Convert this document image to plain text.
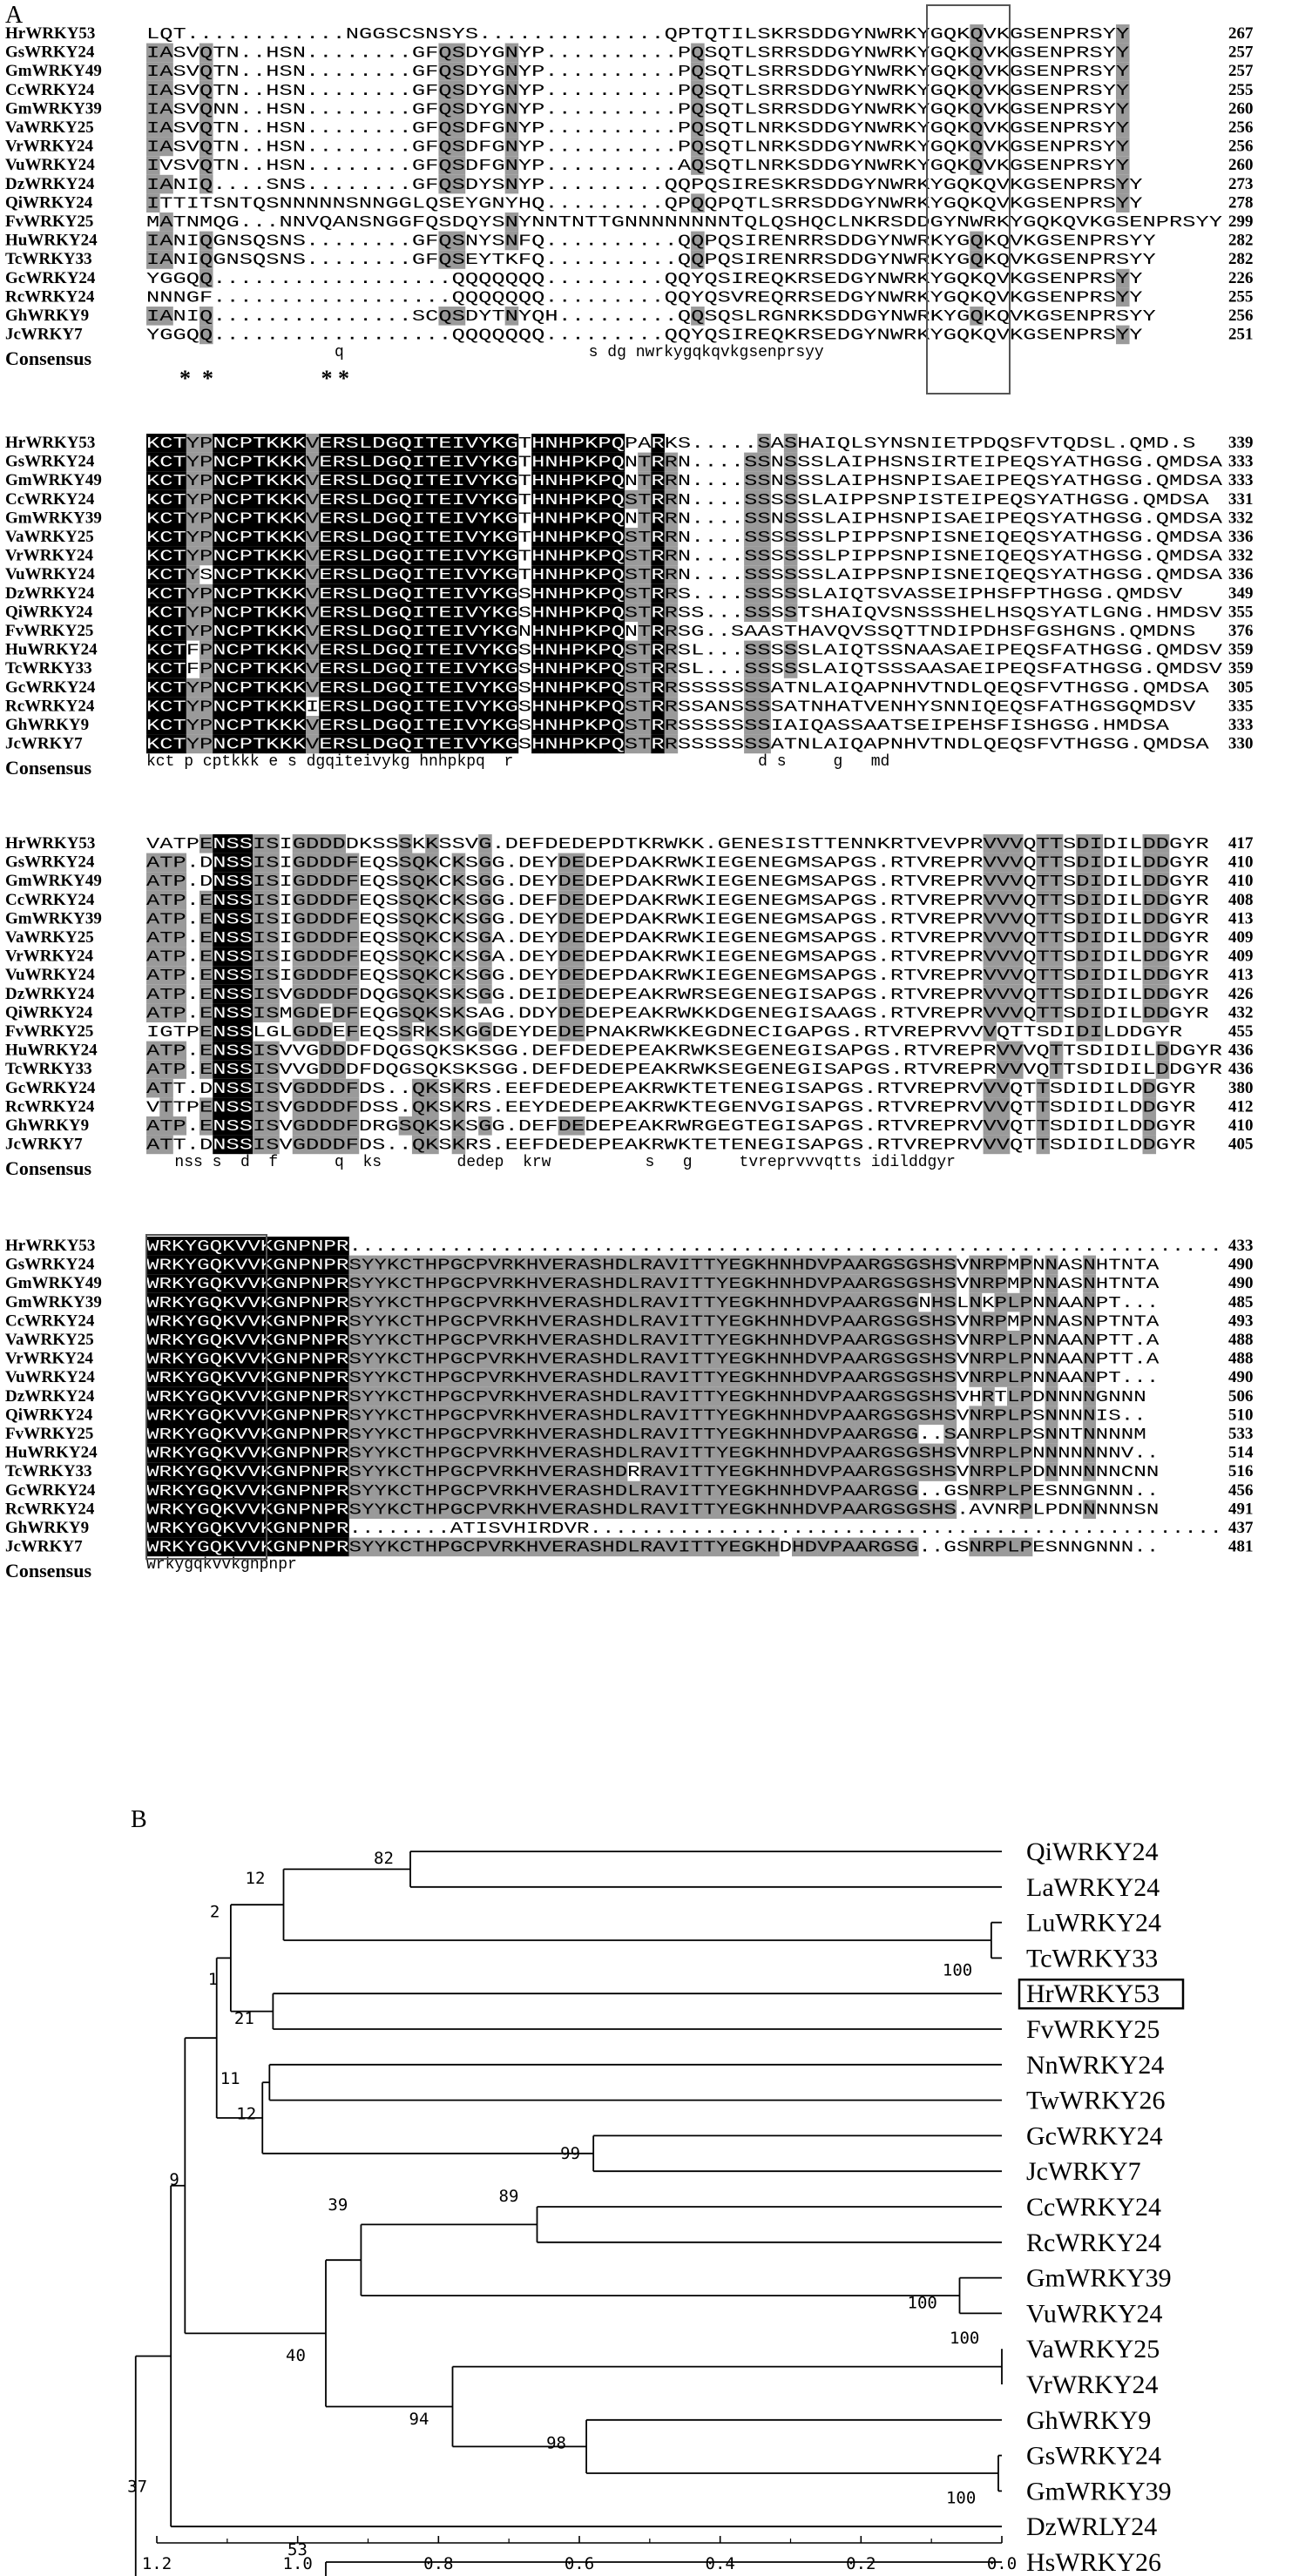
A
HrWRKY53	L Q T . . . . . . . . . . . . N G G S C S N S Y S . . . . . . . . . . . . . . Q P T Q T I L S K R S D D G Y N W R K Y G Q K Q V K G S E N P R S Y Y	267
GsWRKY24	I A S V Q T N . . H S N . . . . . . . . G F Q S D Y G N Y P . . . . . . . . . . P Q S Q T L S R R S D D G Y N W R K Y G Q K Q V K G S E N P R S Y Y	257
GmWRKY49	I A S V Q T N . . H S N . . . . . . . . G F Q S D Y G N Y P . . . . . . . . . . P Q S Q T L S R R S D D G Y N W R K Y G Q K Q V K G S E N P R S Y Y	257
CcWRKY24	I A S V Q T N . . H S N . . . . . . . . G F Q S D Y G N Y P . . . . . . . . . . P Q S Q T L S R R S D D G Y N W R K Y G Q K Q V K G S E N P R S Y Y	255
GmWRKY39	I A S V Q N N . . H S N . . . . . . . . G F Q S D Y G N Y P . . . . . . . . . . P Q S Q T L S R R S D D G Y N W R K Y G Q K Q V K G S E N P R S Y Y	260
VaWRKY25	I A S V Q T N . . H S N . . . . . . . . G F Q S D F G N Y P . . . . . . . . . . P Q S Q T L N R K S D D G Y N W R K Y G Q K Q V K G S E N P R S Y Y	256
VrWRKY24	I A S V Q T N . . H S N . . . . . . . . G F Q S D F G N Y P . . . . . . . . . . P Q S Q T L N R K S D D G Y N W R K Y G Q K Q V K G S E N P R S Y Y	256
VuWRKY24	I V S V Q T N . . H S N . . . . . . . . G F Q S D F G N Y P . . . . . . . . . . A Q S Q T L N R K S D D G Y N W R K Y G Q K Q V K G S E N P R S Y Y	260
DzWRKY24	I A N I Q . . . . S N S . . . . . . . . G F Q S D Y S N Y P . . . . . . . . . Q Q P Q S I R E S K R S D D G Y N W R K Y G Q K Q V K G S E N P R S Y Y	273
QiWRKY24	I T T I T S N T Q S N N N N N S N N G G L Q S E Y G N Y H Q . . . . . . . . . Q P Q Q P Q T L S R R S D D G Y N W R K Y G Q K Q V K G S E N P R S Y Y	278
FvWRKY25	M A T N M Q G . . . N N V Q A N S N G G F Q S D Q Y S N Y N N T N T T G N N N N N N N N T Q L Q S H Q C L N K R S D D G Y N W R K Y G Q K Q V K G S E N P R S Y Y 299
HuWRKY24	I A N I Q G N S Q S N S . . . . . . . . G F Q S N Y S N F Q . . . . . . . . . . Q Q P Q S I R E N R R S D D G Y N W R K Y G Q K Q V K G S E N P R S Y Y	282
TcWRKY33	I A N I Q G N S Q S N S . . . . . . . . G F Q S E Y T K F Q . . . . . . . . . . Q Q P Q S I R E N R R S D D G Y N W R K Y G Q K Q V K G S E N P R S Y Y	282
GcWRKY24	Y G G Q Q . . . . . . . . . . . . . . . . . . Q Q Q Q Q Q Q . . . . . . . . . Q Q Y Q S I R E Q K R S E D G Y N W R K Y G Q K Q V K G S E N P R S Y Y	226
RcWRKY24	N N N G F . . . . . . . . . . . . . . . . . . Q Q Q Q Q Q Q . . . . . . . . . Q Q Y Q S V R E Q R R S E D G Y N W R K Y G Q K Q V K G S E N P R S Y Y	255
GhWRKY9	I A N I Q . . . . . . . . . . . . . . . S C Q S D Y T N Y Q H . . . . . . . . . Q Q S Q S L R G N R K S D D G Y N W R K Y G Q K Q V K G S E N P R S Y Y	256
JcWRKY7	Y G G Q Q . . . . . . . . . . . . . . . . . . Q Q Q Q Q Q Q . . . . . . . . . Q Q Y Q S I R E Q K R S E D G Y N W R K Y G Q K Q V K G S E N P R S Y Y	251
Consensus	q                          s dg nwrkygqkqvkgsenprsyy
*  *                   * *
HrWRKY53	K C T Y P N C P T K K K V E R S L D G Q I T E I V Y K G T H N H P K P Q P A R K S . . . . . S A S H A I Q L S Y N S N I E T P D Q S F V T Q D S L . Q M D . S 339
GsWRKY24	K C T Y P N C P T K K K V E R S L D G Q I T E I V Y K G T H N H P K P Q N T R R N . . . . S S N S S S L A I P H S N S I R T E I P E Q S Y A T H G S G . Q M D S A 333
GmWRKY49	K C T Y P N C P T K K K V E R S L D G Q I T E I V Y K G T H N H P K P Q N T R R N . . . . S S N S S S L A I P H S N P I S A E I P E Q S Y A T H G S G . Q M D S A 333
CcWRKY24	K C T Y P N C P T K K K V E R S L D G Q I T E I V Y K G T H N H P K P Q S T R R N . . . . S S S S S L A I P P S N P I S T E I P E Q S Y A T H G S G . Q M D S A 331
GmWRKY39	K C T Y P N C P T K K K V E R S L D G Q I T E I V Y K G T H N H P K P Q N T R R N . . . . S S N S S S L A I P H S N P I S A E I P E Q S Y A T H G S G . Q M D S A 332
VaWRKY25	K C T Y P N C P T K K K V E R S L D G Q I T E I V Y K G T H N H P K P Q S T R R N . . . . S S S S S S L P I P P S N P I S N E I Q E Q S Y A T H G S G . Q M D S A 336
VrWRKY24	K C T Y P N C P T K K K V E R S L D G Q I T E I V Y K G T H N H P K P Q S T R R N . . . . S S S S S S L P I P P S N P I S N E I Q E Q S Y A T H G S G . Q M D S A 332
VuWRKY24	K C T Y S N C P T K K K V E R S L D G Q I T E I V Y K G T H N H P K P Q S T R R N . . . . S S S S S S L A I P P S N P I S N E I Q E Q S Y A T H G S G . Q M D S A 336
DzWRKY24	K C T Y P N C P T K K K V E R S L D G Q I T E I V Y K G S H N H P K P Q S T R R S . . . . S S S S S L A I Q T S V A S S E I P H S F P T H G S G . Q M D S V	349
QiWRKY24	K C T Y P N C P T K K K V E R S L D G Q I T E I V Y K G S H N H P K P Q S T R R S S . . . S S S S T S H A I Q V S N S S S H E L H S Q S Y A T L G N G . H M D S V 355
FvWRKY25	K C T Y P N C P T K K K V E R S L D G Q I T E I V Y K G N H N H P K P Q N T R R S G . . S A A S T H A V Q V S S Q T T N D I P D H S F G S H G N S . Q M D N S 376
HuWRKY24	K C T F P N C P T K K K V E R S L D G Q I T E I V Y K G S H N H P K P Q S T R R S L . . . S S S S S L A I Q T S S N A A S A E I P E Q S F A T H G S G . Q M D S V 359
TcWRKY33	K C T F P N C P T K K K V E R S L D G Q I T E I V Y K G S H N H P K P Q S T R R S L . . . S S S S S L A I Q T S S S A A S A E I P E Q S F A T H G S G . Q M D S V 359
GcWRKY24	K C T Y P N C P T K K K V E R S L D G Q I T E I V Y K G S H N H P K P Q S T R R S S S S S S S A T N L A I Q A P N H V T N D L Q E Q S F V T H G S G . Q M D S A 305
RcWRKY24	K C T Y P N C P T K K K I E R S L D G Q I T E I V Y K G S H N H P K P Q S T R R S S A N S S S S A T N H A T V E N H Y S N N I Q E Q S F A T H G S G Q M D S V 335
GhWRKY9	K C T Y P N C P T K K K V E R S L D G Q I T E I V Y K G S H N H P K P Q S T R R S S S S S S S I A I Q A S S A A T S E I P E H S F I S H G S G . H M D S A	333
JcWRKY7	K C T Y P N C P T K K K V E R S L D G Q I T E I V Y K G S H N H P K P Q S T R R S S S S S S S A T N L A I Q A P N H V T N D L Q E Q S F V T H G S G . Q M D S A 330
Consensus	kct p cptkkk e s dgqiteivykg hnhpkpq  r                          d s     g   md
HrWRKY53	V A T P E N S S I S I G D D D D K S S S K K S S V G . D E F D E D E P D T K R W K K . G E N E S I S T T E N N K R T V E V P R V V V Q T T S D I D I L D D G Y R 417
GsWRKY24	A T P . D N S S I S I G D D D F E Q S S Q K C K S G G . D E Y D E D E P D A K R W K I E G E N E G M S A P G S . R T V R E P R V V V Q T T S D I D I L D D G Y R 410
GmWRKY49	A T P . D N S S I S I G D D D F E Q S S Q K C K S G G . D E Y D E D E P D A K R W K I E G E N E G M S A P G S . R T V R E P R V V V Q T T S D I D I L D D G Y R 410
CcWRKY24	A T P . E N S S I S I G D D D F E Q S S Q K C K S G G . D E F D E D E P D A K R W K I E G E N E G M S A P G S . R T V R E P R V V V Q T T S D I D I L D D G Y R 408
GmWRKY39	A T P . E N S S I S I G D D D F E Q S S Q K C K S G G . D E Y D E D E P D A K R W K I E G E N E G M S A P G S . R T V R E P R V V V Q T T S D I D I L D D G Y R 413
VaWRKY25	A T P . E N S S I S I G D D D F E Q S S Q K C K S G A . D E Y D E D E P D A K R W K I E G E N E G M S A P G S . R T V R E P R V V V Q T T S D I D I L D D G Y R 409
VrWRKY24	A T P . E N S S I S I G D D D F E Q S S Q K C K S G A . D E Y D E D E P D A K R W K I E G E N E G M S A P G S . R T V R E P R V V V Q T T S D I D I L D D G Y R 409
VuWRKY24	A T P . E N S S I S I G D D D F E Q S S Q K C K S G G . D E Y D E D E P D A K R W K I E G E N E G M S A P G S . R T V R E P R V V V Q T T S D I D I L D D G Y R 413
DzWRKY24	A T P . E N S S I S V G D D D F D Q G S Q K S K S G G . D E I D E D E P E A K R W R S E G E N E G I S A P G S . R T V R E P R V V V Q T T S D I D I L D D G Y R 426
QiWRKY24	A T P . E N S S I S M G D E D F E Q G S Q K S K S A G . D D Y D E D E P E A K R W K K D G E N E G I S A A G S . R T V R E P R V V V Q T T S D I D I L D D G Y R 432
FvWRKY25	I G T P E N S S L G L G D D E F E Q S S R K S K G G D E Y D E D E P N A K R W K K E G D N E C I G A P G S . R T V R E P R V V V Q T T S D I D I L D D G Y R	455
HuWRKY24	A T P . E N S S I S V V G D D D F D Q G S Q K S K S G G . D E F D E D E P E A K R W K S E G E N E G I S A P G S . R T V R E P R V V V Q T T S D I D I L D D G Y R 436
TcWRKY33	A T P . E N S S I S V V G D D D F D Q G S Q K S K S G G . D E F D E D E P E A K R W K S E G E N E G I S A P G S . R T V R E P R V V V Q T T S D I D I L D D G Y R 436
GcWRKY24	A T T . D N S S I S V G D D D F D S . . Q K S K R S . E E F D E D E P E A K R W K T E T E N E G I S A P G S . R T V R E P R V V V Q T T S D I D I L D D G Y R 380
RcWRKY24	V T T P E N S S I S V G D D D F D S S . Q K S K R S . E E Y D E D E P E A K R W K T E G E N V G I S A P G S . R T V R E P R V V V Q T T S D I D I L D D G Y R 412
GhWRKY9	A T P . E N S S I S V G D D D F D R G S Q K S K S G G . D E F D E D E P E A K R W R G E G T E G I S A P G S . R T V R E P R V V V Q T T S D I D I L D D G Y R 410
JcWRKY7	A T T . D N S S I S V G D D D F D S . . Q K S K R S . E E F D E D E P E A K R W K T E T E N E G I S A P G S . R T V R E P R V V V Q T T S D I D I L D D G Y R 405
Consensus	nss s  d  f      q  ks        dedep  krw          s   g     tvreprvvvqtts idilddgyr
HrWRKY53	W R K Y G Q K V V K G N P N P R . . . . . . . . . . . . . . . . . . . . . . . . . . . . . . . . . . . . . . . . . . . . . . . . . . . . . . . . . . . . . . . . . . . . . 433
GsWRKY24	W R K Y G Q K V V K G N P N P R S Y Y K C T H P G C P V R K H V E R A S H D L R A V I T T Y E G K H N H D V P A A R G S G S H S V N R P M P N N A S N H T N T A	490
GmWRKY49	W R K Y G Q K V V K G N P N P R S Y Y K C T H P G C P V R K H V E R A S H D L R A V I T T Y E G K H N H D V P A A R G S G S H S V N R P M P N N A S N H T N T A	490
GmWRKY39	W R K Y G Q K V V K G N P N P R S Y Y K C T H P G C P V R K H V E R A S H D L R A V I T T Y E G K H N H D V P A A R G S G N H S L N K P L P N N A A N P T . . .	485
CcWRKY24	W R K Y G Q K V V K G N P N P R S Y Y K C T H P G C P V R K H V E R A S H D L R A V I T T Y E G K H N H D V P A A R G S G S H S V N R P M P N N A S N P T N T A	493
VaWRKY25	W R K Y G Q K V V K G N P N P R S Y Y K C T H P G C P V R K H V E R A S H D L R A V I T T Y E G K H N H D V P A A R G S G S H S V N R P L P N N A A N P T T . A	488
VrWRKY24	W R K Y G Q K V V K G N P N P R S Y Y K C T H P G C P V R K H V E R A S H D L R A V I T T Y E G K H N H D V P A A R G S G S H S V N R P L P N N A A N P T T . A	488
VuWRKY24	W R K Y G Q K V V K G N P N P R S Y Y K C T H P G C P V R K H V E R A S H D L R A V I T T Y E G K H N H D V P A A R G S G S H S V N R P L P N N A A N P T . . .	490
DzWRKY24	W R K Y G Q K V V K G N P N P R S Y Y K C T H P G C P V R K H V E R A S H D L R A V I T T Y E G K H N H D V P A A R G S G S H S V H R T L P D N N N N G N N N	506
QiWRKY24	W R K Y G Q K V V K G N P N P R S Y Y K C T H P G C P V R K H V E R A S H D L R A V I T T Y E G K H N H D V P A A R G S G S H S V N R P L P S N N N N I S . .	510
FvWRKY25	W R K Y G Q K V V K G N P N P R S Y Y K C T H P G C P V R K H V E R A S H D L R A V I T T Y E G K H N H D V P A A R G S G . . S A N R P L P S N N T N N N N M	533
HuWRKY24	W R K Y G Q K V V K G N P N P R S Y Y K C T H P G C P V R K H V E R A S H D L R A V I T T Y E G K H N H D V P A A R G S G S H S V N R P L P N N N N N N N V . .	514
TcWRKY33	W R K Y G Q K V V K G N P N P R S Y Y K C T H P G C P V R K H V E R A S H D R R A V I T T Y E G K H N H D V P A A R G S G S H S V N R P L P D N N N N N N C N N	516
GcWRKY24	W R K Y G Q K V V K G N P N P R S Y Y K C T H P G C P V R K H V E R A S H D L R A V I T T Y E G K H N H D V P A A R G S G . . G S N R P L P E S N N G N N N . .	456
RcWRKY24	W R K Y G Q K V V K G N P N P R S Y Y K C T H P G C P V R K H V E R A S H D L R A V I T T Y E G K H N H D V P A A R G S G S H S . A V N R P L P D N N N N N S N	491
GhWRKY9	W R K Y G Q K V V K G N P N P R . . . . . . . . A T I S V H I R D V R . . . . . . . . . . . . . . . . . . . . . . . . . . . . . . . . . . . . . . . . . . . . . . . . . . 437
JcWRKY7	W R K Y G Q K V V K G N P N P R S Y Y K C T H P G C P V R K H V E R A S H D L R A V I T T Y E G K H D H D V P A A R G S G . . G S N R P L P E S N N G N N N . .	481
Consensus	wrkygqkvvkgnpnpr
B
QiWRKY24
LaWRKY24
LuWRKY24
TcWRKY33
HrWRKY53
FvWRKY25
NnWRKY24
TwWRKY26
GcWRKY24
JcWRKY7
CcWRKY24
RcWRKY24
GmWRKY39
VuWRKY24
VaWRKY25
VrWRKY24
GhWRKY9
GsWRKY24
GmWRKY39
DzWRLY24
HsWRKY26
82
12
100
2
1
21
11
12
99
9
89
39
100
40
100
94
98
100
37
53
1.2	1.0	0.8	0.6	0.4	0.2	0.0
